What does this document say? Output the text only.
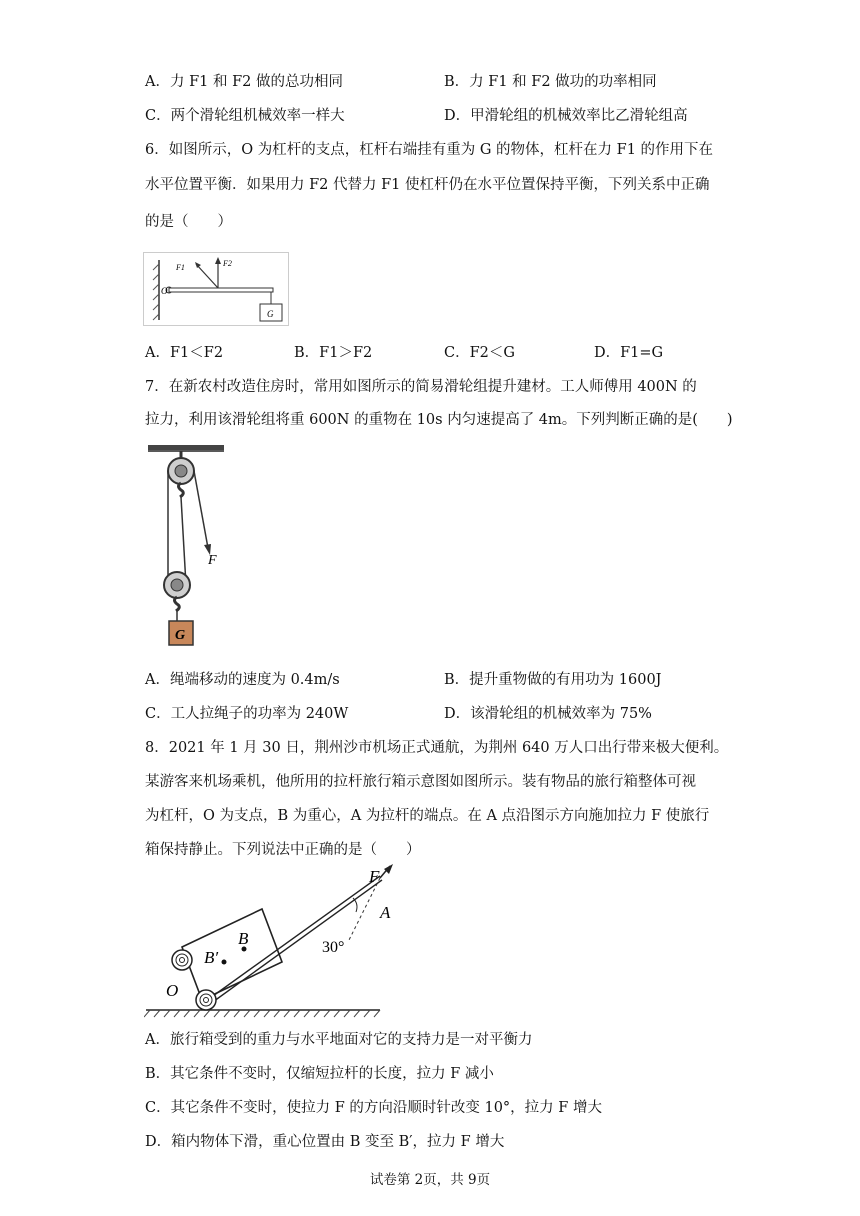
A．力 F1 和 F2 做的总功相同	B．力 F1 和 F2 做功的功率相同
C．两个滑轮组机械效率一样大	D．甲滑轮组的机械效率比乙滑轮组高
6．如图所示，O 为杠杆的支点，杠杆右端挂有重为 G 的物体，杠杆在力 F1 的作用下在
水平位置平衡．如果用力 F2 代替力 F1 使杠杆仍在水平位置保持平衡，下列关系中正确
的是（　　）
O
F1	F2
G
A．F1＜F2	B．F1＞F2	C．F2＜G	D．F1=G
7．在新农村改造住房时，常用如图所示的简易滑轮组提升建材。工人师傅用 400N 的
拉力，利用该滑轮组将重 600N 的重物在 10s 内匀速提高了 4m。下列判断正确的是(　　)
F
G
A．绳端移动的速度为 0.4m/s	B．提升重物做的有用功为 1600J
C．工人拉绳子的功率为 240W	D．该滑轮组的机械效率为 75%
8．2021 年 1 月 30 日，荆州沙市机场正式通航，为荆州 640 万人口出行带来极大便利。
某游客来机场乘机，他所用的拉杆旅行箱示意图如图所示。装有物品的旅行箱整体可视
为杠杆，O 为支点，B 为重心，A 为拉杆的端点。在 A 点沿图示方向施加拉力 F 使旅行
箱保持静止。下列说法中正确的是（　　）
F
A
B
B′
30°
O
A．旅行箱受到的重力与水平地面对它的支持力是一对平衡力
B．其它条件不变时，仅缩短拉杆的长度，拉力 F 减小
C．其它条件不变时，使拉力 F 的方向沿顺时针改变 10°，拉力 F 增大
D．箱内物体下滑，重心位置由 B 变至 B′，拉力 F 增大
试卷第 2页，共 9页
